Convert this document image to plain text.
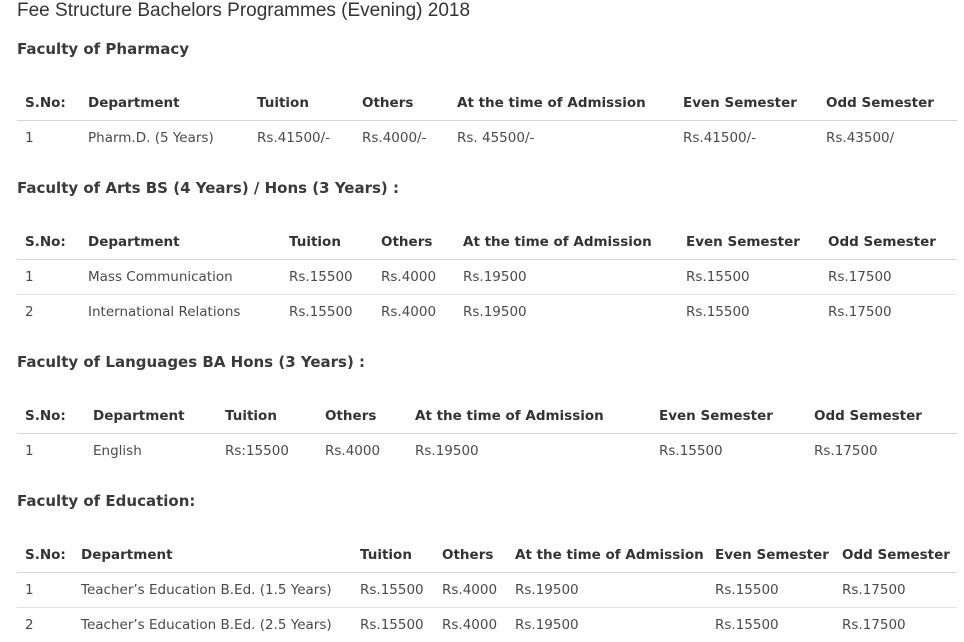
Fee Structure Bachelors Programmes (Evening) 2018
Faculty of Pharmacy
S.No:	Department	Tuition	Others	At the time of Admission	Even Semester	Odd Semester
1	Pharm.D. (5 Years)	Rs.41500/-	Rs.4000/-	Rs. 45500/-	Rs.41500/-	Rs.43500/
Faculty of Arts BS (4 Years) / Hons (3 Years) :
S.No:	Department	Tuition	Others	At the time of Admission	Even Semester	Odd Semester
1	Mass Communication	Rs.15500	Rs.4000	Rs.19500	Rs.15500	Rs.17500
2	International Relations	Rs.15500	Rs.4000	Rs.19500	Rs.15500	Rs.17500
Faculty of Languages BA Hons (3 Years) :
S.No:	Department	Tuition	Others	At the time of Admission	Even Semester	Odd Semester
1	English	Rs:15500	Rs.4000	Rs.19500	Rs.15500	Rs.17500
Faculty of Education:
S.No:	Department	Tuition	Others	At the time of Admission	Even Semester	Odd Semester
1	Teacher’s Education B.Ed. (1.5 Years)	Rs.15500	Rs.4000	Rs.19500	Rs.15500	Rs.17500
2	Teacher’s Education B.Ed. (2.5 Years)	Rs.15500	Rs.4000	Rs.19500	Rs.15500	Rs.17500
